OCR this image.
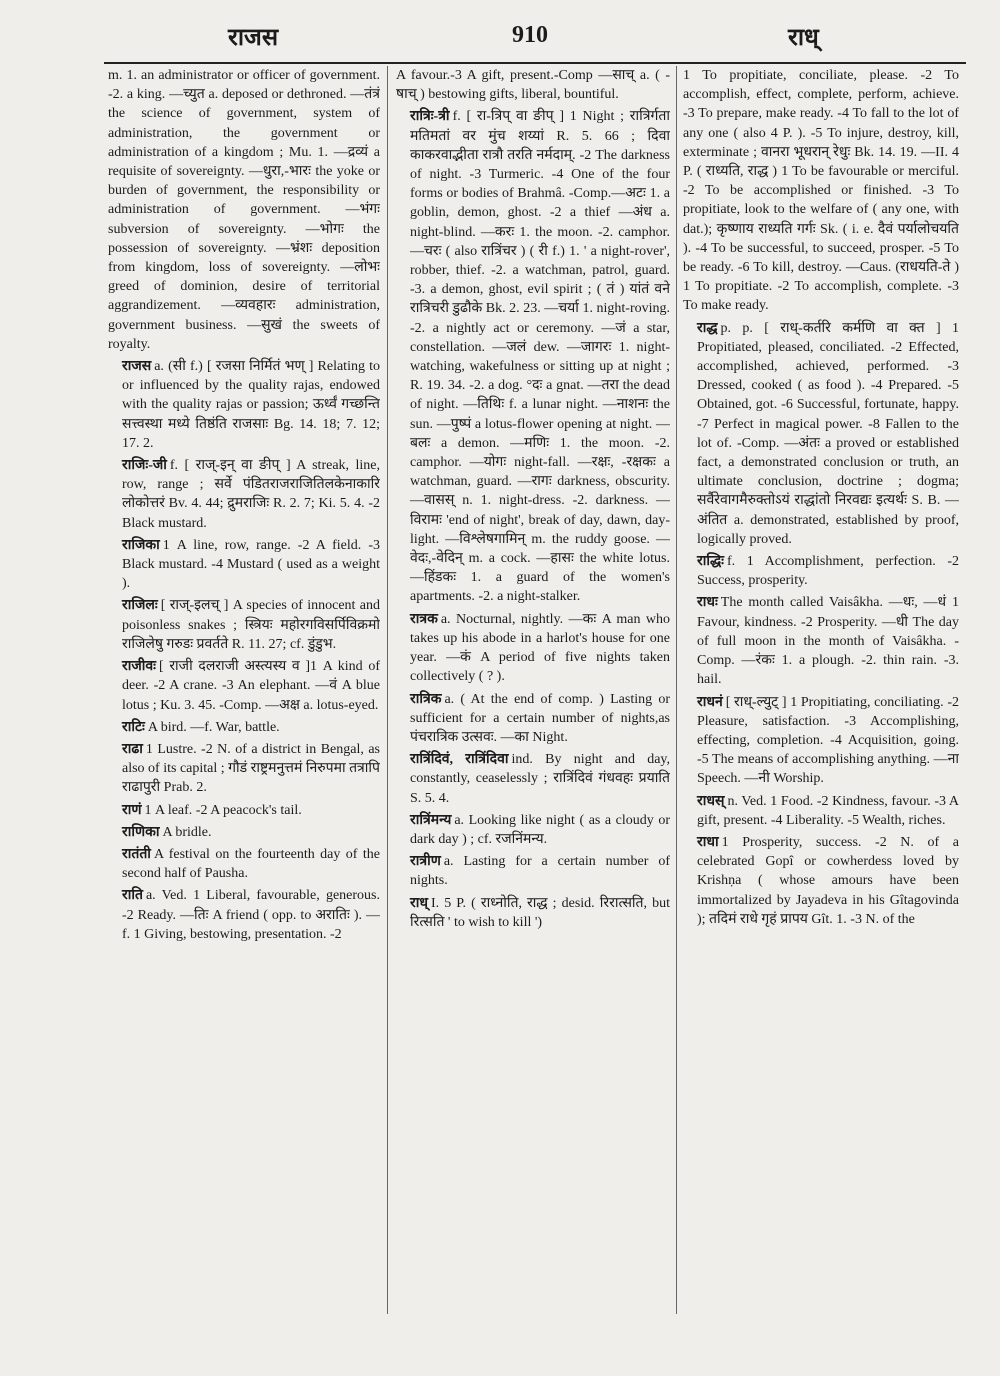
राजस	910	राध्

m. 1. an administrator or officer of government. -2. a king. —च्युत a. deposed or dethroned. —तंत्रं the science of government, system of administration, the government or administration of a kingdom ; Mu. 1. —द्रव्यं a requisite of sovereignty. —धुरा,-भारः the yoke or burden of government, the responsibility or administration of government. —भंगः subversion of sovereignty. —भोगः the possession of sovereignty. —भ्रंशः deposition from kingdom, loss of sovereignty. —लोभः greed of dominion, desire of territorial aggrandizement. —व्यवहारः administration, government business. —सुखं the sweets of royalty.

राजस a. (सी f.) [ रजसा निर्मितं भण् ] Relating to or influenced by the quality rajas, endowed with the quality rajas or passion; ऊर्ध्वं गच्छन्ति सत्त्वस्था मध्ये तिष्ठंति राजसाः Bg. 14. 18; 7. 12; 17. 2.

राजिः-जी f. [ राज्-इन् वा ङीप् ] A streak, line, row, range ; सर्वे पंडितराजराजितिलकेनाकारि लोकोत्तरं Bv. 4. 44; द्रुमराजिः R. 2. 7; Ki. 5. 4. -2 Black mustard.

राजिका 1 A line, row, range. -2 A field. -3 Black mustard. -4 Mustard ( used as a weight ).

राजिलः [ राज्-इलच् ] A species of innocent and poisonless snakes ; स्त्रियः महोरगविसर्पिविक्रमो राजिलेषु गरुडः प्रवर्तते R. 11. 27; cf. डुंडुभ.

राजीवः [ राजी दलराजी अस्त्यस्य व ]1 A kind of deer. -2 A crane. -3 An elephant. —वं A blue lotus ; Ku. 3. 45. -Comp. —अक्ष a. lotus-eyed.

राटिः A bird. —f. War, battle.

राढा 1 Lustre. -2 N. of a district in Bengal, as also of its capital ; गौडं राष्ट्रमनुत्तमं निरुपमा तत्रापि राढापुरी Prab. 2.

राणं 1 A leaf. -2 A peacock's tail.

राणिका A bridle.

रातंती A festival on the fourteenth day of the second half of Pausha.

राति a. Ved. 1 Liberal, favourable, generous. -2 Ready. —तिः A friend ( opp. to अरातिः ). —f. 1 Giving, bestowing, presentation. -2

A favour.-3 A gift, present.-Comp —साच् a. ( -षाच् ) bestowing gifts, liberal, bountiful.

रात्रिः-त्री f. [ रा-त्रिप् वा ङीप् ] 1 Night ; रात्रिर्गता मतिमतां वर मुंच शय्यां R. 5. 66 ; दिवा काकरवाद्भीता रात्रौ तरति नर्मदाम्. -2 The darkness of night. -3 Turmeric. -4 One of the four forms or bodies of Brahmâ. -Comp.—अटः 1. a goblin, demon, ghost. -2 a thief —अंध a. night-blind. —करः 1. the moon. -2. camphor. —चरः ( also रात्रिंचर ) ( री f.) 1. ' a night-rover', robber, thief. -2. a watchman, patrol, guard. -3. a demon, ghost, evil spirit ; ( तं ) यांतं वने रात्रिचरी डुढौके Bk. 2. 23. —चर्या 1. night-roving. -2. a nightly act or ceremony. —जं a star, constellation. —जलं dew. —जागरः 1. night-watching, wakefulness or sitting up at night ; R. 19. 34. -2. a dog. °दः a gnat. —तरा the dead of night. —तिथिः f. a lunar night. —नाशनः the sun. —पुष्पं a lotus-flower opening at night. —बलः a demon. —मणिः 1. the moon. -2. camphor. —योगः night-fall. —रक्षः, -रक्षकः a watchman, guard. —रागः darkness, obscurity. —वासस् n. 1. night-dress. -2. darkness. —विरामः 'end of night', break of day, dawn, day-light. —विश्लेषगामिन् m. the ruddy goose. —वेदः,-वेदिन् m. a cock. —हासः the white lotus. —हिंडकः 1. a guard of the women's apartments. -2. a night-stalker.

रात्रक a. Nocturnal, nightly. —कः A man who takes up his abode in a harlot's house for one year. —कं A period of five nights taken collectively ( ? ).

रात्रिक a. ( At the end of comp. ) Lasting or sufficient for a certain number of nights,as पंचरात्रिक उत्सवः. —का Night.

रात्रिंदिवं, रात्रिंदिवा ind. By night and day, constantly, ceaselessly ; रात्रिंदिवं गंधवहः प्रयाति S. 5. 4.

रात्रिंमन्य a. Looking like night ( as a cloudy or dark day ) ; cf. रजनिंमन्य.

रात्रीण a. Lasting for a certain number of nights.

राध् I. 5 P. ( राध्नोति, राद्ध ; desid. रिरात्सति, but रित्सति ' to wish to kill ')

1 To propitiate, conciliate, please. -2 To accomplish, effect, complete, perform, achieve. -3 To prepare, make ready. -4 To fall to the lot of any one ( also 4 P. ). -5 To injure, destroy, kill, exterminate ; वानरा भूधरान् रेधुः Bk. 14. 19. —II. 4 P. ( राध्यति, राद्ध ) 1 To be favourable or merciful. -2 To be accomplished or finished. -3 To propitiate, look to the welfare of ( any one, with dat.); कृष्णाय राध्यति गर्गः Sk. ( i. e. दैवं पर्यालोचयति ). -4 To be successful, to succeed, prosper. -5 To be ready. -6 To kill, destroy. —Caus. (राधयति-ते ) 1 To propitiate. -2 To accomplish, complete. -3 To make ready.

राद्ध p. p. [ राध्-कर्तरि कर्मणि वा क्त ] 1 Propitiated, pleased, conciliated. -2 Effected, accomplished, achieved, performed. -3 Dressed, cooked ( as food ). -4 Prepared. -5 Obtained, got. -6 Successful, fortunate, happy. -7 Perfect in magical power. -8 Fallen to the lot of. -Comp. —अंतः a proved or established fact, a demonstrated conclusion or truth, an ultimate conclusion, doctrine ; dogma; सर्वैरेवागमैरुक्तोऽयं राद्धांतो निरवद्यः इत्यर्थः S. B. —अंतित a. demonstrated, established by proof, logically proved.

राद्धिः f. 1 Accomplishment, perfection. -2 Success, prosperity.

राधः The month called Vaisâkha. —धः, —धं 1 Favour, kindness. -2 Prosperity. —धी The day of full moon in the month of Vaisâkha. -Comp. —रंकः 1. a plough. -2. thin rain. -3. hail.

राधनं [ राध्-ल्युट् ] 1 Propitiating, conciliating. -2 Pleasure, satisfaction. -3 Accomplishing, effecting, completion. -4 Acquisition, going. -5 The means of accomplishing anything. —ना Speech. —नी Worship.

राधस् n. Ved. 1 Food. -2 Kindness, favour. -3 A gift, present. -4 Liberality. -5 Wealth, riches.

राधा 1 Prosperity, success. -2 N. of a celebrated Gopî or cowherdess loved by Krishṇa ( whose amours have been immortalized by Jayadeva in his Gîtagovinda ); तदिमं राधे गृहं प्रापय Gît. 1. -3 N. of the
